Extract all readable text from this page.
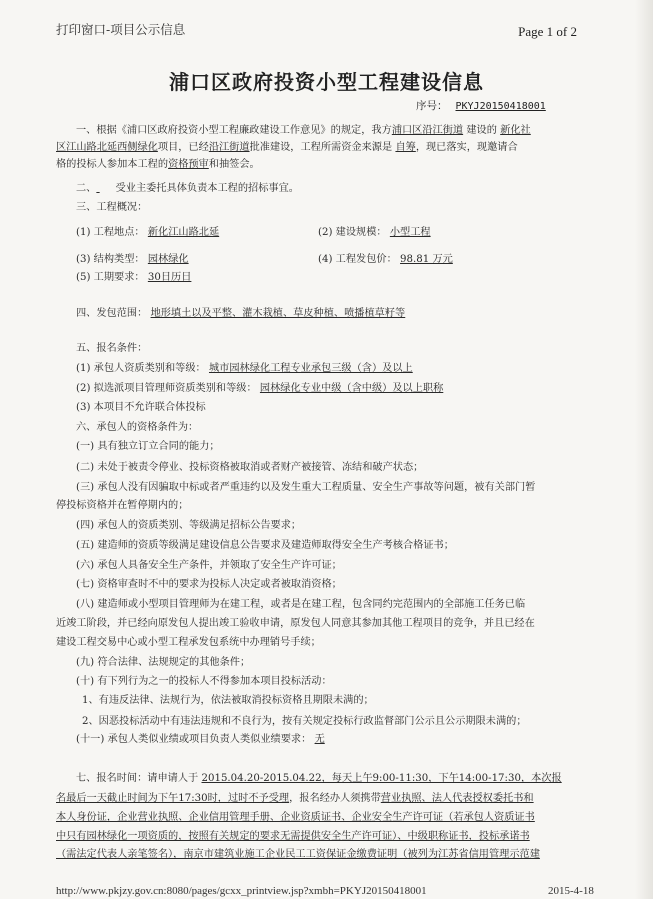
打印窗口-项目公示信息	Page 1 of 2
浦口区政府投资小型工程建设信息
序号： PKYJ20150418001
一、根据《浦口区政府投资小型工程廉政建设工作意见》的规定，我方浦口区沿江街道 建设的 新化社
区江山路北延西侧绿化项目，已经沿江街道批准建设，工程所需资金来源是 自筹，现已落实，现邀请合
格的投标人参加本工程的资格预审和抽签会。
二、 受业主委托具体负责本工程的招标事宜。
三、工程概况：
(1) 工程地点： 新化江山路北延	(2) 建设规模： 小型工程
(3) 结构类型： 园林绿化	(4) 工程发包价： 98.81 万元
(5) 工期要求： 30日历日
四、发包范围： 地形填土以及平整、灌木栽植、草皮种植、喷播植草籽等
五、报名条件：
(1) 承包人资质类别和等级： 城市园林绿化工程专业承包三级（含）及以上
(2) 拟选派项目管理师资质类别和等级： 园林绿化专业中级（含中级）及以上职称
(3) 本项目不允许联合体投标
六、承包人的资格条件为：
(一) 具有独立订立合同的能力；
(二) 未处于被责令停业、投标资格被取消或者财产被接管、冻结和破产状态；
(三) 承包人没有因骗取中标或者严重违约以及发生重大工程质量、安全生产事故等问题，被有关部门暂
停投标资格并在暂停期内的；
(四) 承包人的资质类别、等级满足招标公告要求；
(五) 建造师的资质等级满足建设信息公告要求及建造师取得安全生产考核合格证书；
(六) 承包人具备安全生产条件，并领取了安全生产许可证；
(七) 资格审查时不中的要求为投标人决定或者被取消资格；
(八) 建造师或小型项目管理师为在建工程，或者是在建工程，包含同约完范围内的全部施工任务已临
近竣工阶段，并已经向原发包人提出竣工验收申请，原发包人同意其参加其他工程项目的竞争，并且已经在
建设工程交易中心或小型工程承发包系统中办理销号手续；
(九) 符合法律、法规规定的其他条件；
(十) 有下列行为之一的投标人不得参加本项目投标活动：
1、有违反法律、法规行为，依法被取消投标资格且期限未满的；
2、因恶投标活动中有违法违规和不良行为，按有关规定投标行政监督部门公示且公示期限未满的；
(十一) 承包人类似业绩或项目负责人类似业绩要求： 无
七、报名时间：请申请人于 2015.04.20-2015.04.22，每天上午9:00-11:30，下午14:00-17:30，本次报
名最后一天截止时间为下午17:30时，过时不予受理，报名经办人须携带营业执照、法人代表授权委托书和
本人身份证，企业营业执照、企业信用管理手册、企业资质证书、企业安全生产许可证（若承包人资质证书
中只有园林绿化一项资质的，按照有关规定的要求无需提供安全生产许可证）、中级职称证书，投标承诺书
（需法定代表人亲笔签名），南京市建筑业施工企业民工工资保证金缴费证明（被列为江苏省信用管理示范建
http://www.pkjzy.gov.cn:8080/pages/gcxx_printview.jsp?xmbh=PKYJ20150418001	2015-4-18
